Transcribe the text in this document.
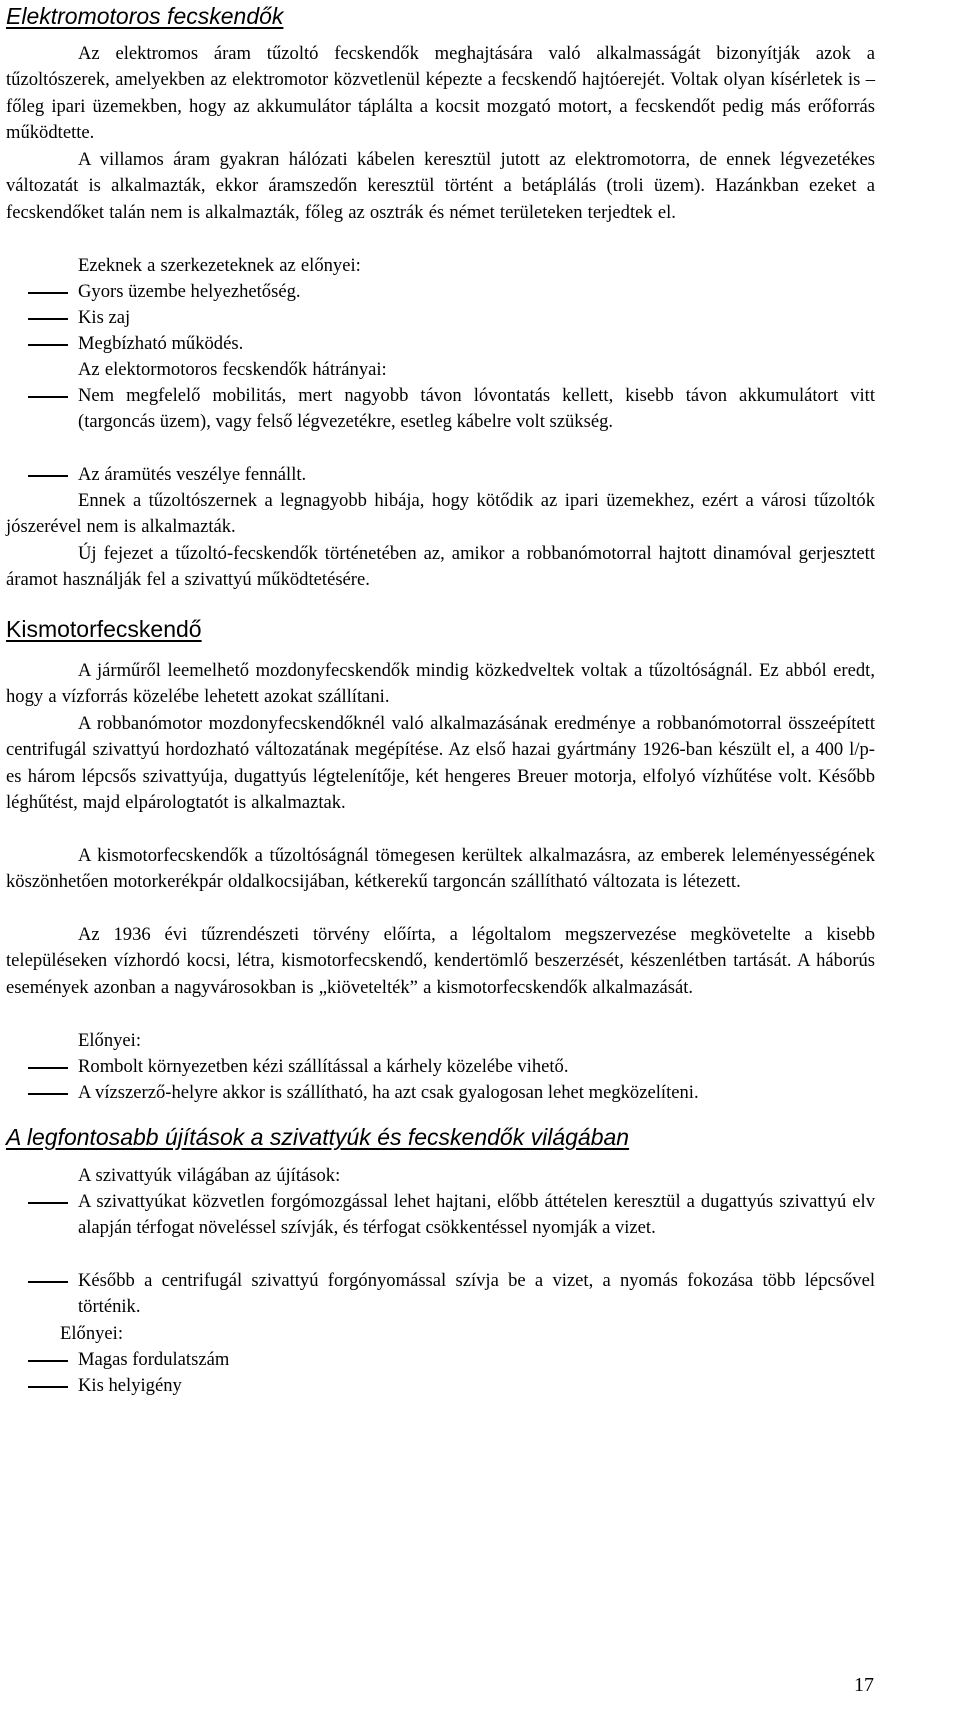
Elektromotoros fecskendők

Az elektromos áram tűzoltó fecskendők meghajtására való alkalmasságát bizonyítják azok a tűzoltószerek, amelyekben az elektromotor közvetlenül képezte a fecskendő hajtóerejét. Voltak olyan kísérletek is – főleg ipari üzemekben, hogy az akkumulátor táplálta a kocsit mozgató motort, a fecskendőt pedig más erőforrás működtette.

A villamos áram gyakran hálózati kábelen keresztül jutott az elektromotorra, de ennek légvezetékes változatát is alkalmazták, ekkor áramszedőn keresztül történt a betáplálás (troli üzem). Hazánkban ezeket a fecskendőket talán nem is alkalmazták, főleg az osztrák és német területeken terjedtek el.

Ezeknek a szerkezeteknek az előnyei:

Gyors üzembe helyezhetőség.

Kis zaj

Megbízható működés.

Az elektormotoros fecskendők hátrányai:

Nem megfelelő mobilitás, mert nagyobb távon lóvontatás kellett, kisebb távon akkumulátort vitt (targoncás üzem), vagy felső légvezetékre, esetleg kábelre volt szükség.

Az áramütés veszélye fennállt.

Ennek a tűzoltószernek a legnagyobb hibája, hogy kötődik az ipari üzemekhez, ezért a városi tűzoltók jószerével nem is alkalmazták.

Új fejezet a tűzoltó-fecskendők történetében az, amikor a robbanómotorral hajtott dinamóval gerjesztett áramot használják fel a szivattyú működtetésére.

Kismotorfecskendő

A járműről leemelhető mozdonyfecskendők mindig közkedveltek voltak a tűzoltóságnál. Ez abból eredt, hogy a vízforrás közelébe lehetett azokat szállítani.

A robbanómotor mozdonyfecskendőknél való alkalmazásának eredménye a robbanómotorral összeépített centrifugál szivattyú hordozható változatának megépítése. Az első hazai gyártmány 1926-ban készült el, a 400 l/p-es három lépcsős szivattyúja, dugattyús légtelenítője, két hengeres Breuer motorja, elfolyó vízhűtése volt. Később léghűtést, majd elpárologtatót is alkalmaztak.

A kismotorfecskendők a tűzoltóságnál tömegesen kerültek alkalmazásra, az emberek leleményességének köszönhetően motorkerékpár oldalkocsijában, kétkerekű targoncán szállítható változata is létezett.

Az 1936 évi tűzrendészeti törvény előírta, a légoltalom megszervezése megkövetelte a kisebb településeken vízhordó kocsi, létra, kismotorfecskendő, kendertömlő beszerzését, készenlétben tartását. A háborús események azonban a nagyvárosokban is „kiövetelték” a kismotorfecskendők alkalmazását.

Előnyei:

Rombolt környezetben kézi szállítással a kárhely közelébe vihető.

A vízszerző-helyre akkor is szállítható, ha azt csak gyalogosan lehet megközelíteni.

A legfontosabb újítások a szivattyúk és fecskendők világában

A szivattyúk világában az újítások:

A szivattyúkat közvetlen forgómozgással lehet hajtani, előbb áttételen keresztül a dugattyús szivattyú elv alapján térfogat növeléssel szívják, és térfogat csökkentéssel nyomják a vizet.

Később a centrifugál szivattyú forgónyomással szívja be a vizet, a nyomás fokozása több lépcsővel történik.

Előnyei:

Magas fordulatszám

Kis helyigény

17
